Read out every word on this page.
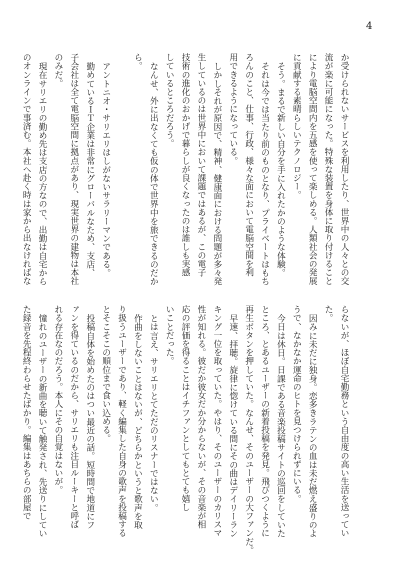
4

か受けられないサービスを利用したり、世界中の人々との交

流が楽に可能になった。特殊な装置を身体に取り付けること

により電脳空間内を五感を使って楽しめる。人類社会の発展

に貢献する素晴らしいテクノロジー。

そう。まるで新しい自分を手に入れたかのような体験。

それは今では当たり前のものとなり、プライベートはもち

ろんのこと、仕事、行政、様々な面において電脳空間を利

用できるようになっている。

しかしそれが原因で、精神、健康面における問題が多々発

生しているのは世界中において課題ではあるが、この電子

技術の進化のおかげで暮らしが良くなったのは誰しも実感

しているところだろう。

なんせ、外に出なくても仮の体で世界中を旅できるのだか

ら。

アントニオ・サリエリはしがないサラリーマンである。

勤めているＩＴ企業は非常にグローバルなため、支店、

子会社は全て電脳空間に拠点があり、現実世界の建物は本社

のみだ。

現在サリエリの勤め先は支店の方なので、出勤は自宅から

のオンラインで事済む。本社へ赴く時は家から出なければな

らないが、ほぼ自宅勤務という自由度の高い生活を送ってい

た。

因みに未だに独身。恋多きラテンの血は未だ燃え盛りのよ

うで、なかなか運命のヒトを見つけられずにいる。

今日は休日。日課である音楽投稿サイトの巡回をしていた

ところ、とあるユーザーの新着投稿を発見。飛びつくように

再生ボタンを押していた。なんせ、そのユーザーの大ファンだ。

早速、拝聴。旋律に惚けている間にその曲はデイリーラン

キング一位を取っていた。やはり、そのユーザーのカリスマ

性が知れる。彼だか彼女だか分からないが、その音楽が相

応の評価を得ることはイチファンとしてもとても嬉し

いことだった。

とは言え、サリエリとてただのリスナーではない。

作曲をしないことはないが、どちらかというと歌声を取

り扱うユーザーであり、軽く編集した自身の歌声を投稿する

とそこそこの順位まで食い込める。

投稿自体を始めたのはつい最近の話。短時間で地道にフ

ァンを得ているのだから、サリエリも注目ルーキーと呼ば

れる存在なのだろう。本人にその自覚はないが。

憧れのユーザーの新曲を聴いて触発され、先送りにしてい

た録音を先程終わらせたばかり。編集はあちらの部屋で
